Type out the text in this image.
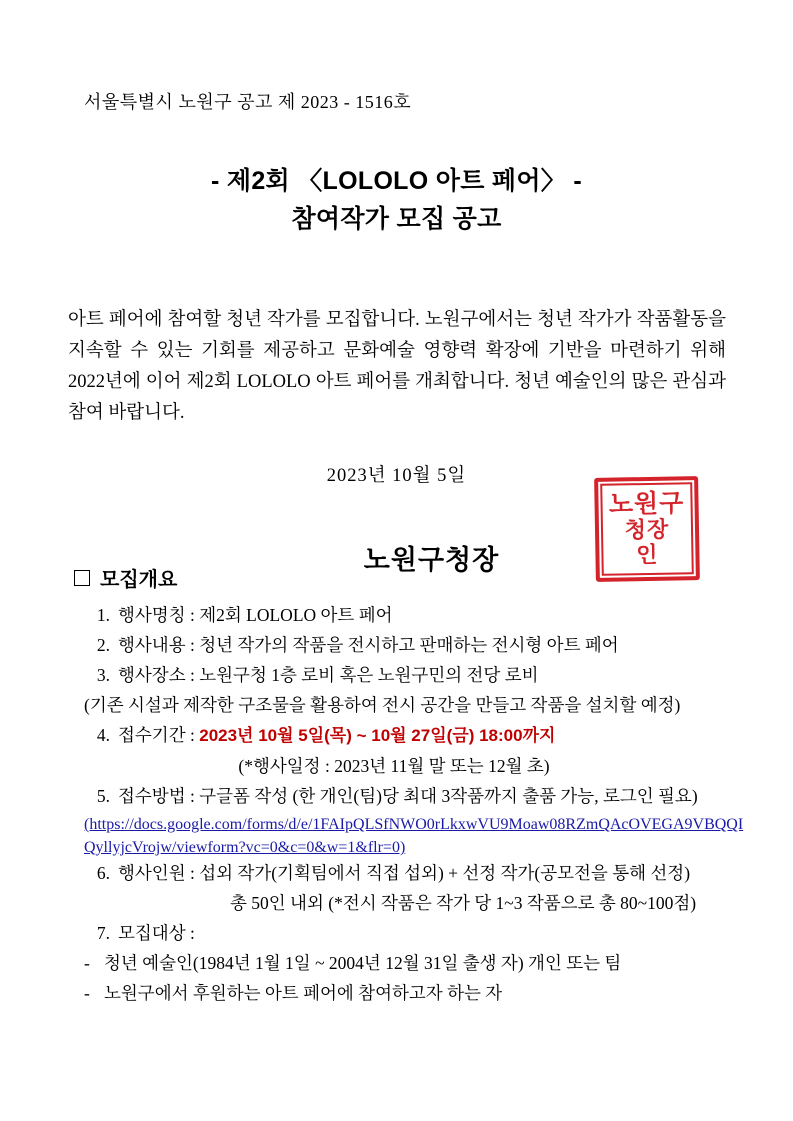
서울특별시 노원구 공고 제 2023 - 1516호
- 제2회 〈LOLOLO 아트 페어〉 -
참여작가 모집 공고
아트 페어에 참여할 청년 작가를 모집합니다. 노원구에서는 청년 작가가 작품활동을 지속할 수 있는 기회를 제공하고 문화예술 영향력 확장에 기반을 마련하기 위해 2022년에 이어 제2회 LOLOLO 아트 페어를 개최합니다. 청년 예술인의 많은 관심과 참여 바랍니다.
2023년 10월 5일
노원구청장
노원구
청장
인
모집개요
1. 행사명칭 : 제2회 LOLOLO 아트 페어
2. 행사내용 : 청년 작가의 작품을 전시하고 판매하는 전시형 아트 페어
3. 행사장소 : 노원구청 1층 로비 혹은 노원구민의 전당 로비
(기존 시설과 제작한 구조물을 활용하여 전시 공간을 만들고 작품을 설치할 예정)
4. 접수기간 : 2023년 10월 5일(목) ~ 10월 27일(금) 18:00까지
(*행사일정 : 2023년 11월 말 또는 12월 초)
5. 접수방법 : 구글폼 작성 (한 개인(팀)당 최대 3작품까지 출품 가능, 로그인 필요)
(https://docs.google.com/forms/d/e/1FAIpQLSfNWO0rLkxwVU9Moaw08RZmQAcOVEGA9VBQQIQyllyjcVrojw/viewform?vc=0&c=0&w=1&flr=0)
6. 행사인원 : 섭외 작가(기획팀에서 직접 섭외) + 선정 작가(공모전을 통해 선정)
총 50인 내외 (*전시 작품은 작가 당 1~3 작품으로 총 80~100점)
7. 모집대상 :
- 청년 예술인(1984년 1월 1일 ~ 2004년 12월 31일 출생 자) 개인 또는 팀
- 노원구에서 후원하는 아트 페어에 참여하고자 하는 자
